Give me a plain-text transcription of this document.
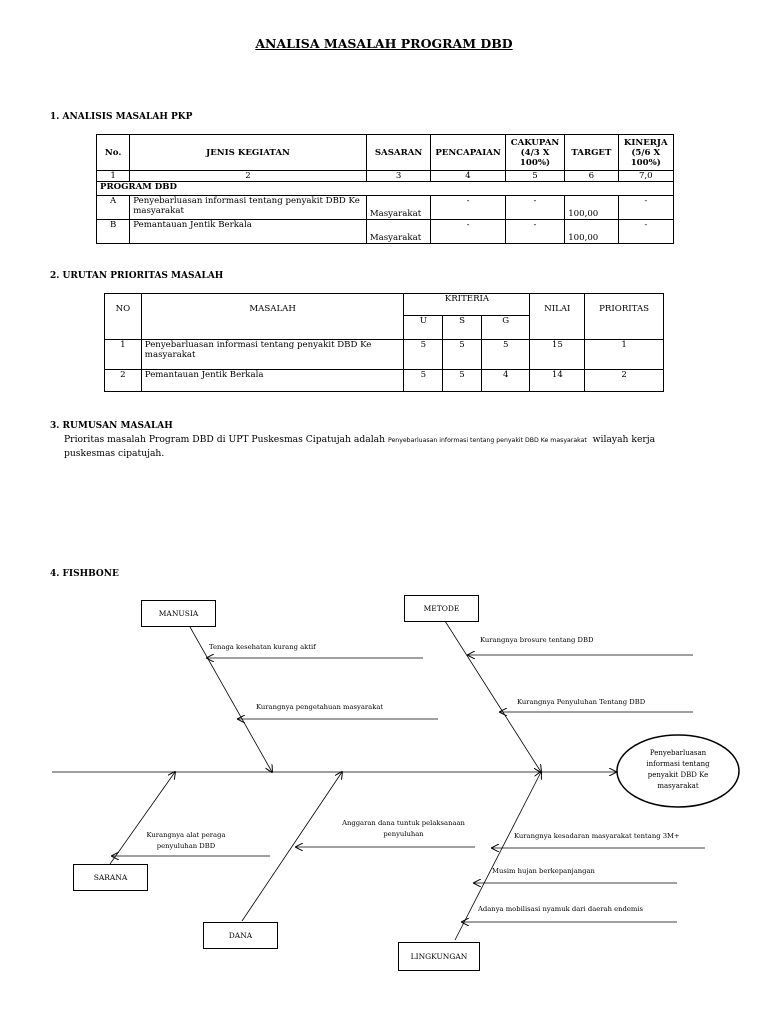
ANALISA MASALAH PROGRAM DBD
1. ANALISIS MASALAH PKP
No.	JENIS KEGIATAN	SASARAN	PENCAPAIAN	CAKUPAN (4/3 X 100%)	TARGET	KINERJA (5/6 X 100%)
1	2	3	4	5	6	7,0
PROGRAM DBD						
A	Penyebarluasan informasi tentang penyakit DBD Ke masyarakat	Masyarakat	-	-	100,00	-
B	Pemantauan Jentik Berkala	Masyarakat	-	-	100,00	-
2. URUTAN PRIORITAS MASALAH
NO	MASALAH	KRITERIA			NILAI	PRIORITAS
		U	S	G		
1	Penyebarluasan informasi tentang penyakit DBD Ke masyarakat	5	5	5	15	1
2	Pemantauan Jentik Berkala	5	5	4	14	2
3. RUMUSAN MASALAH
Prioritas masalah Program DBD di UPT Puskesmas Cipatujah adalah Penyebarluasan informasi tentang penyakit DBD Ke masyarakat wilayah kerja
puskesmas cipatujah.
4. FISHBONE
MANUSIA
METODE
SARANA
DANA
LINGKUNGAN
Penyebarluasan informasi tentang penyakit DBD Ke masyarakat
Tenaga kesehatan kurang aktif
Kurangnya pengetahuan masyarakat
Kurangnya brosure tentang DBD
Kurangnya Penyuluhan Tentang DBD
Kurangnya alat peraga penyuluhan DBD
Anggaran dana tuntuk pelaksanaan penyuluhan	Kurangnya kesadaran masyarakat tentang 3M+
Musim hujan berkepanjangan
Adanya mobilisasi nyamuk dari daerah endemis
